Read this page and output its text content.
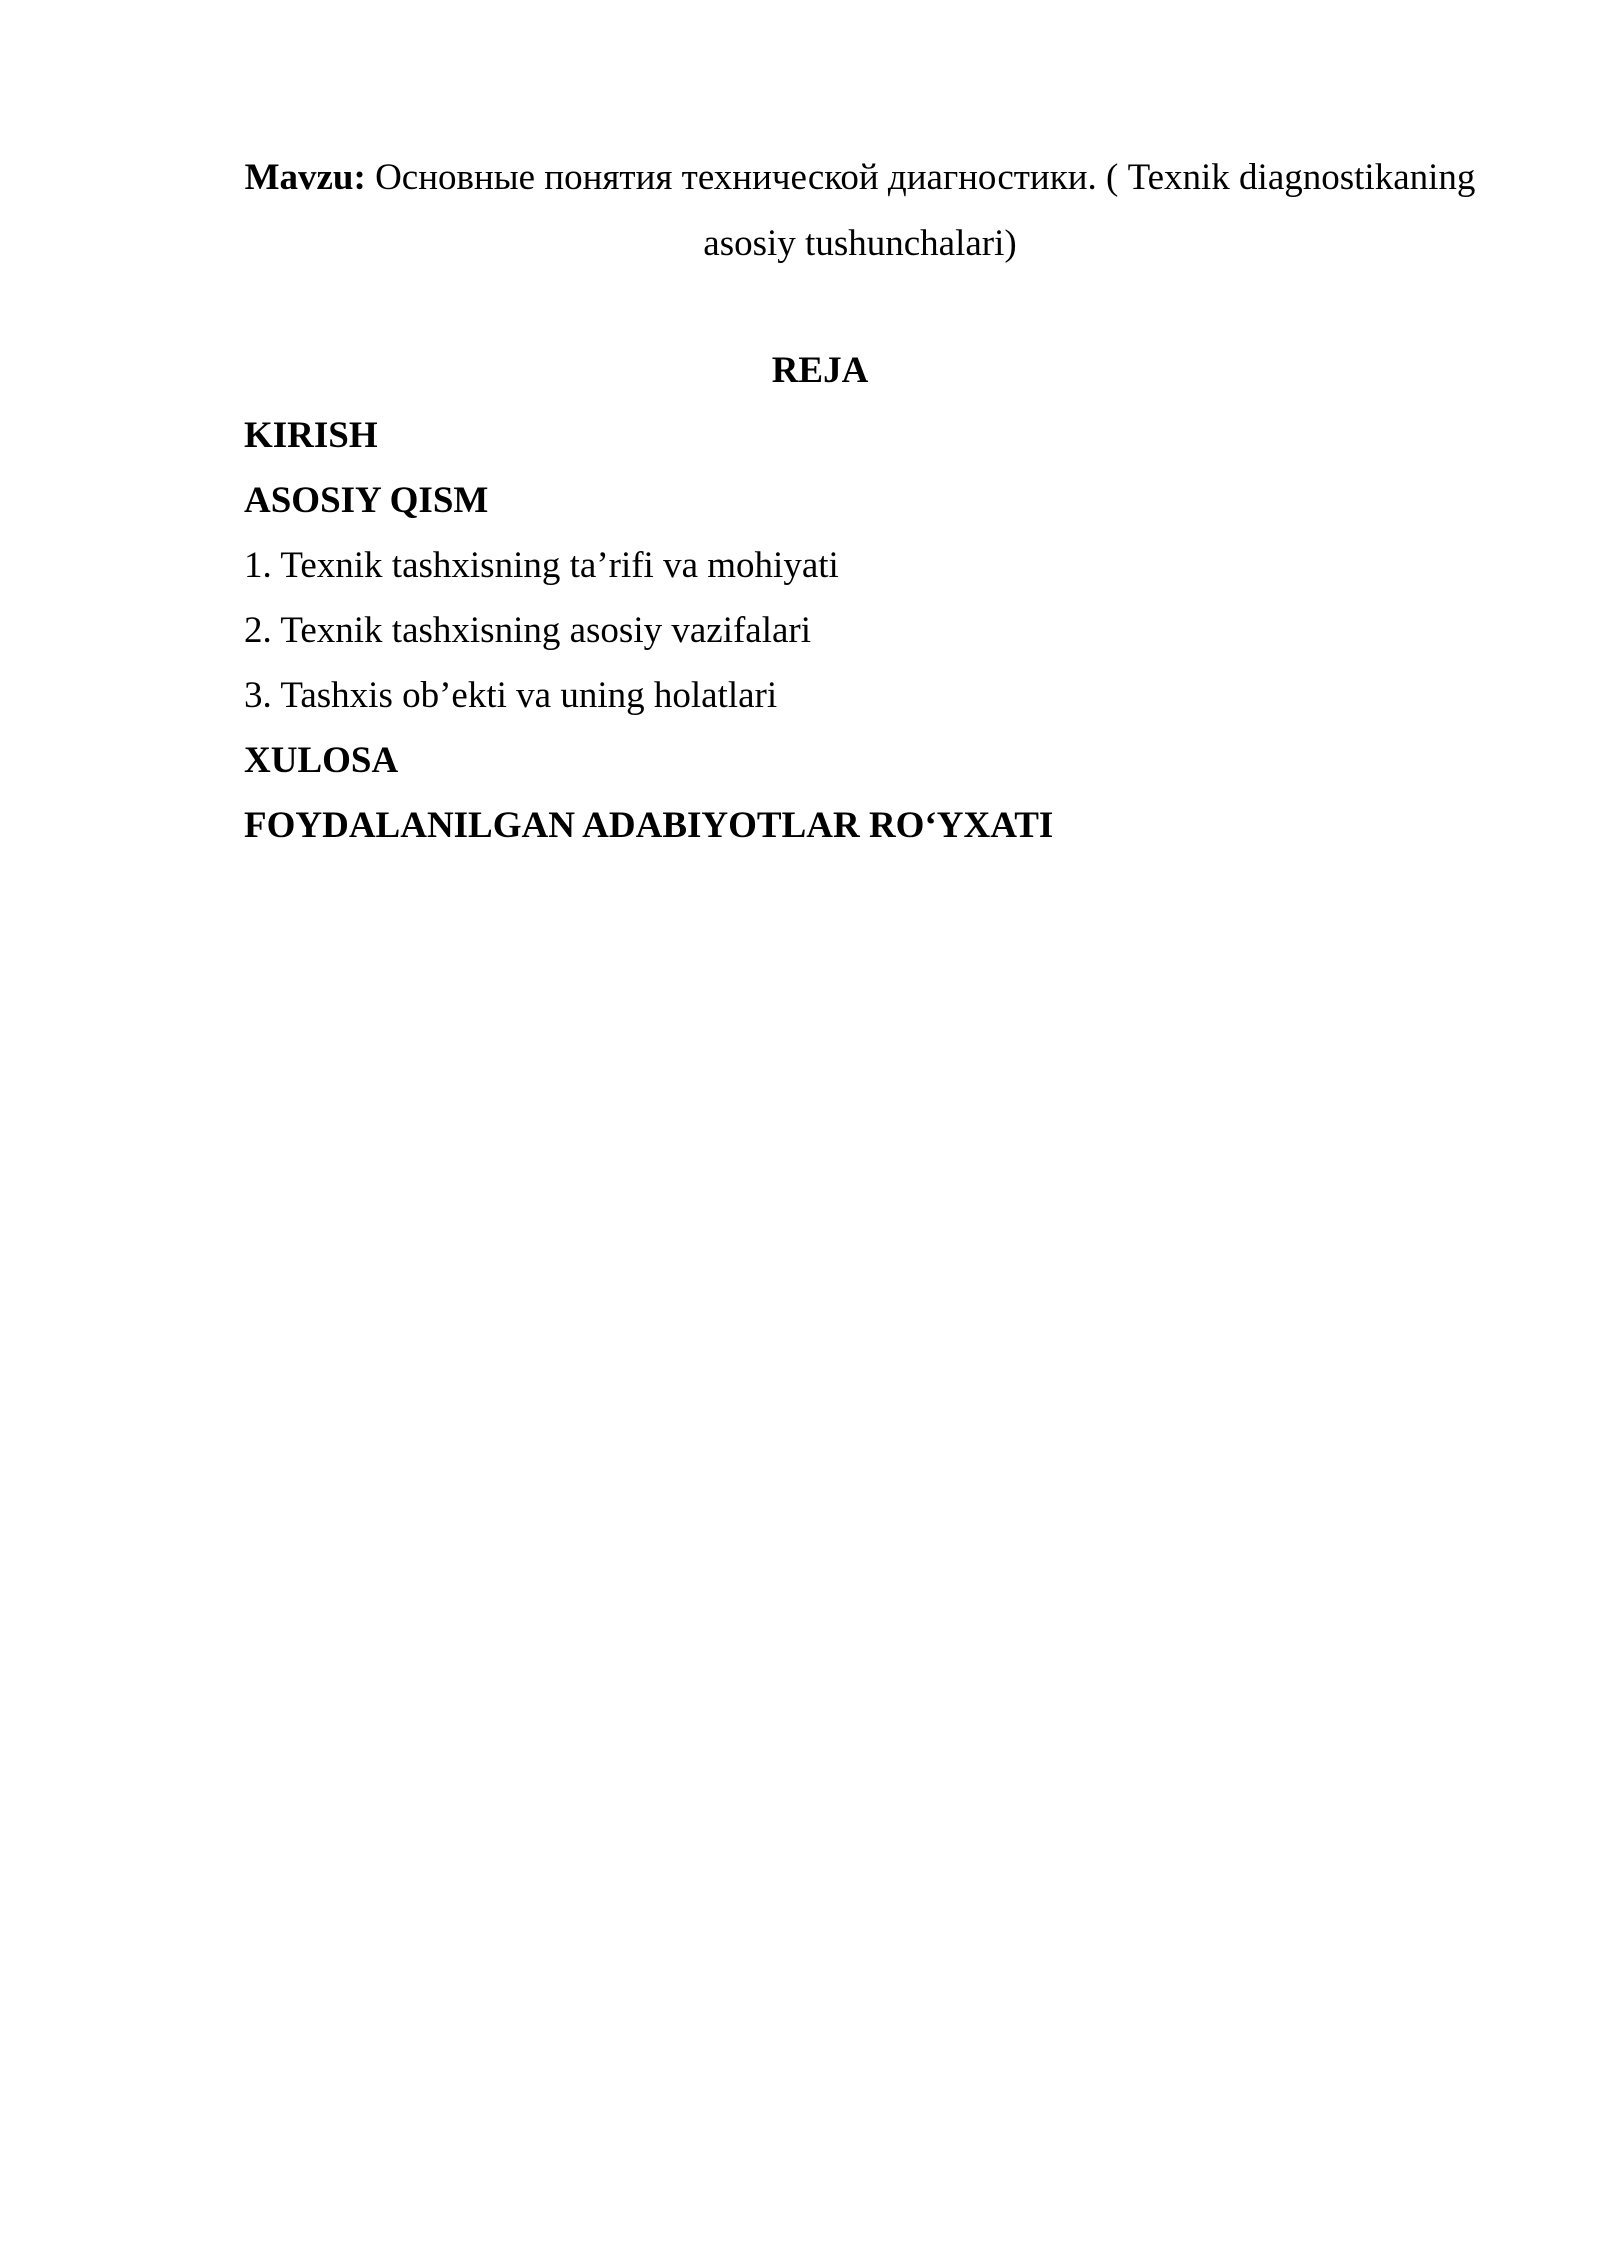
Mavzu: Основные понятия технической диагностики. ( Texnik diagnostikaning asosiy tushunchalari)

REJA
KIRISH
ASOSIY QISM
1. Texnik tashxisning ta’rifi va mohiyati
2. Texnik tashxisning asosiy vazifalari
3. Tashxis ob’ekti va uning holatlari
XULOSA
FOYDALANILGAN ADABIYOTLAR RO‘YXATI
